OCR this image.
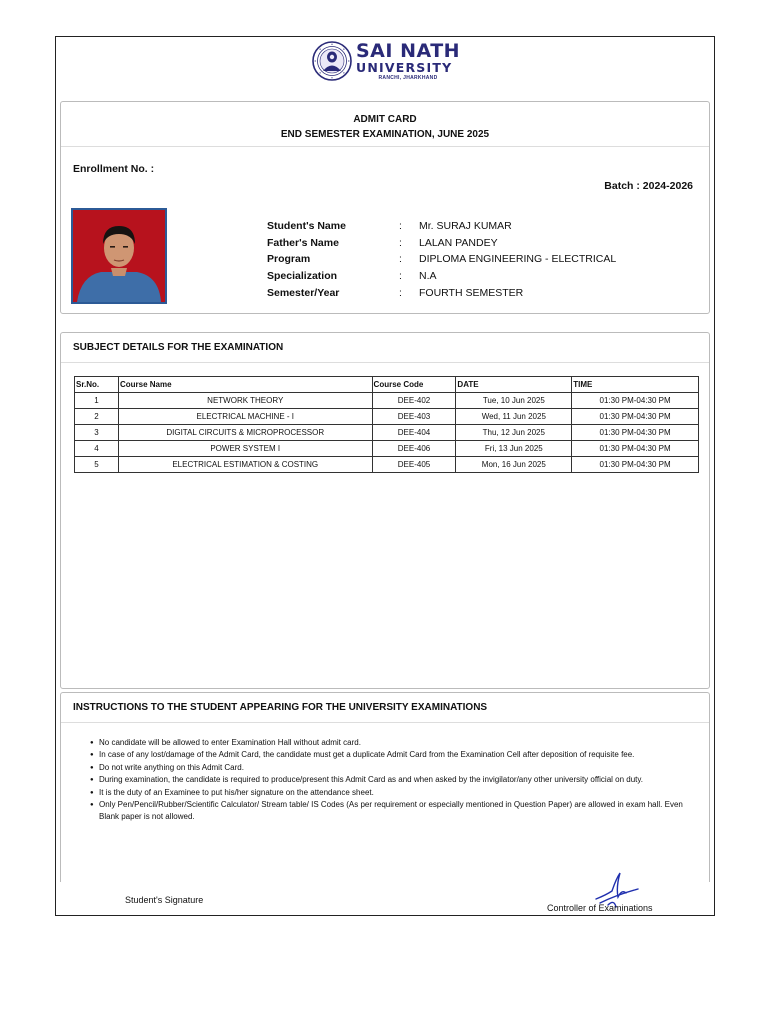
SAI NATH
UNIVERSITY
RANCHI, JHARKHAND
ADMIT CARD
END SEMESTER EXAMINATION, JUNE 2025
Enrollment No. :
Batch : 2024-2026
Student's Name	: Mr. SURAJ KUMAR
Father's Name	: LALAN PANDEY
Program	: DIPLOMA ENGINEERING - ELECTRICAL
Specialization	: N.A
Semester/Year	: FOURTH SEMESTER
SUBJECT DETAILS FOR THE EXAMINATION
Sr.No.	Course Name	Course Code	DATE	TIME
1	NETWORK THEORY	DEE-402	Tue, 10 Jun 2025	01:30 PM-04:30 PM
2	ELECTRICAL MACHINE - I	DEE-403	Wed, 11 Jun 2025	01:30 PM-04:30 PM
3	DIGITAL CIRCUITS & MICROPROCESSOR	DEE-404	Thu, 12 Jun 2025	01:30 PM-04:30 PM
4	POWER SYSTEM I	DEE-406	Fri, 13 Jun 2025	01:30 PM-04:30 PM
5	ELECTRICAL ESTIMATION & COSTING	DEE-405	Mon, 16 Jun 2025	01:30 PM-04:30 PM
INSTRUCTIONS TO THE STUDENT APPEARING FOR THE UNIVERSITY EXAMINATIONS
● No candidate will be allowed to enter Examination Hall without admit card.
● In case of any lost/damage of the Admit Card, the candidate must get a duplicate Admit Card from the Examination Cell after deposition of requisite fee.
● Do not write anything on this Admit Card.
● During examination, the candidate is required to produce/present this Admit Card as and when asked by the invigilator/any other university official on duty.
● It is the duty of an Examinee to put his/her signature on the attendance sheet.
● Only Pen/Pencil/Rubber/Scientific Calculator/ Stream table/ IS Codes (As per requirement or especially mentioned in Question Paper) are allowed in exam hall. Even Blank paper is not allowed.
Student's Signature
Controller of Examinations
